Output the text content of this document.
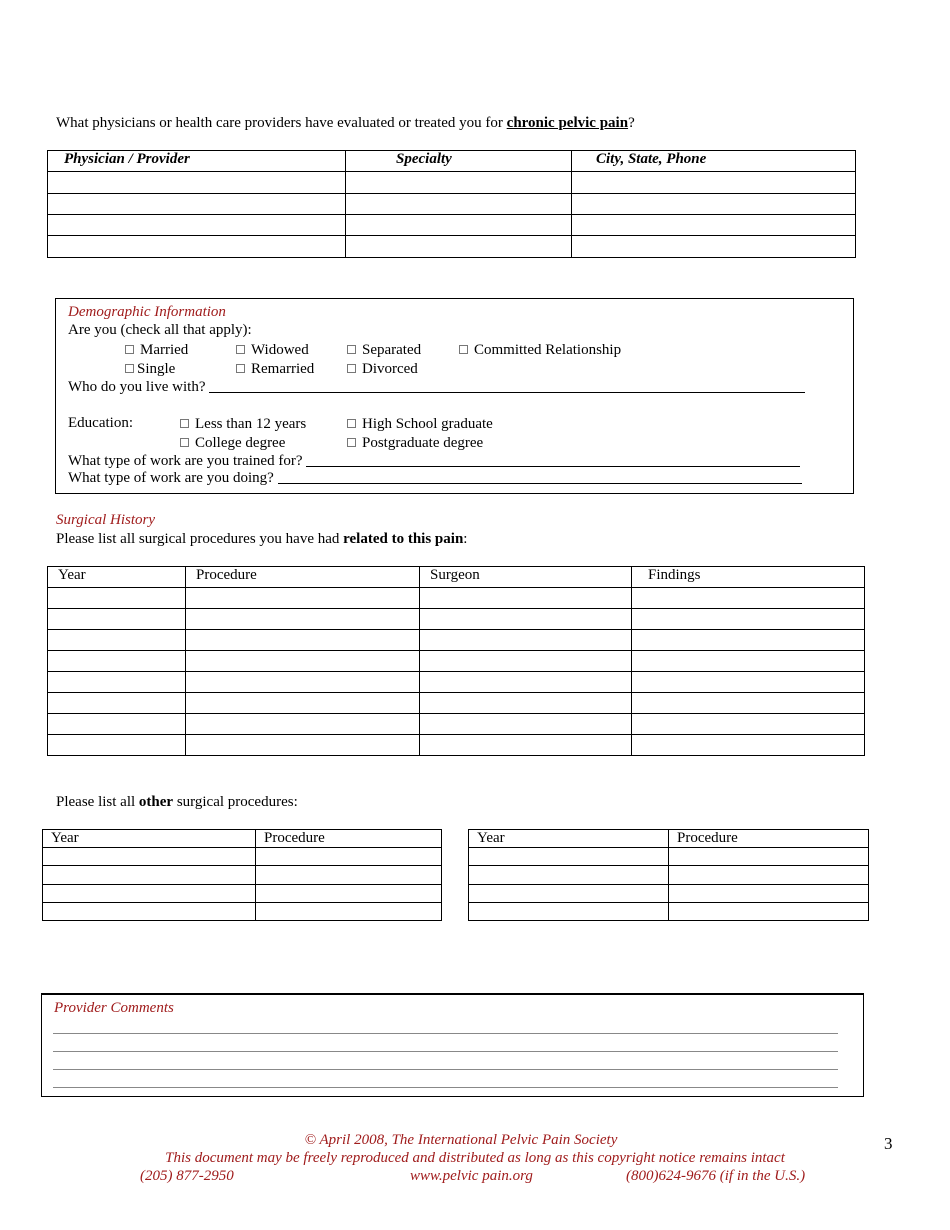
What physicians or health care providers have evaluated or treated you for chronic pelvic pain?
Physician / Provider	Specialty	City, State, Phone

Demographic Information
Are you (check all that apply):
Married	Widowed	Separated	Committed Relationship
Single	Remarried	Divorced
Who do you live with?
Education:	Less than 12 years	High School graduate
College degree	Postgraduate degree
What type of work are you trained for?
What type of work are you doing?
Surgical History
Please list all surgical procedures you have had related to this pain:
Year	Procedure	Surgeon	Findings

Please list all other surgical procedures:
Year	Procedure

		Year	Procedure

Provider Comments
© April 2008, The International Pelvic Pain Society
This document may be freely reproduced and distributed as long as this copyright notice remains intact
(205) 877-2950	www.pelvic pain.org	(800)624-9676 (if in the U.S.)
3
